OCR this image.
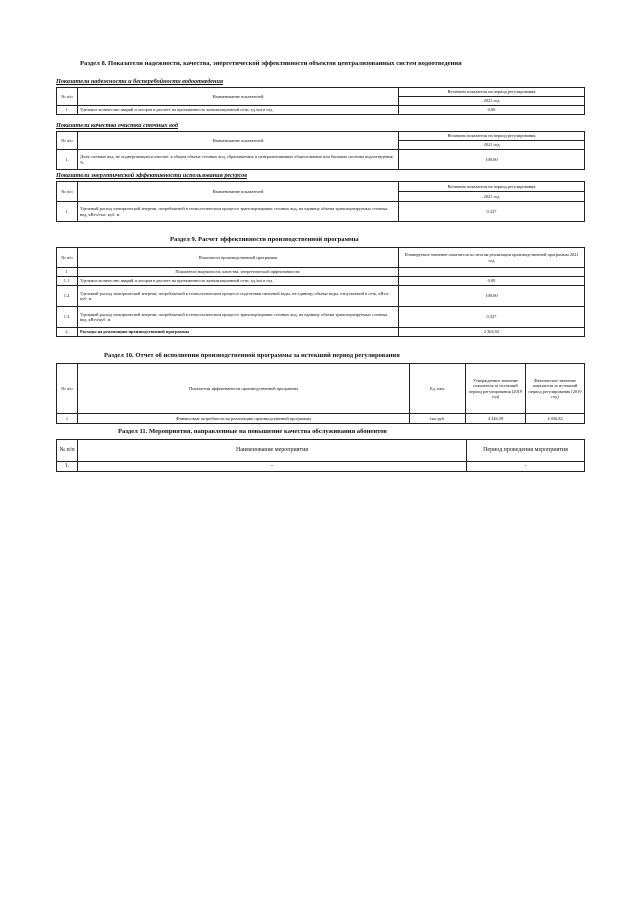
Раздел 8. Показатели надежности, качества, энергетической эффективности объектов централизованных систем водоотведения
Показатели надежности и бесперебойности водоотведения
№ п/п	Наименование показателей	Величина показателя на период регулирования
		2021 год
1.	Удельное количество аварий и засоров в расчете на протяженность канализационной сети, ед./км в год	0,00
Показатели качества очистки сточных вод
№ п/п	Наименование показателей	Величина показателя на период регулирования
		2021 год
1.	Доля сточных вод, не подвергающихся очистке, в общем объеме сточных вод, сбрасываемых в централизованные общесплавные или бытовые системы водоотведения, %	100,00
Показатели энергетической эффективности использования ресурсов
№ п/п	Наименование показателей	Величина показателя на период регулирования
		2021 год
1.	Удельный расход электрической энергии, потребляемой в технологическом процессе транспортировки сточных вод, на единицу объема транспортируемых сточных вод, кВтч/тыс. куб. м	0,327
Раздел 9. Расчет эффективности производственной программы
№ п/п	Показатели производственной программы	Планируемое значение показателя по итогам реализации производственной программы 2021 год
1.	Показатели надежности, качества, энергетической эффективности:	
1.1.	Удельное количество аварий и засоров в расчете на протяженность канализационной сети, ед./км в год	0,00
1.2.	Удельный расход электрической энергии, потребляемой в технологическом процессе подготовки питьевой воды, на единицу объема воды, отпускаемой в сеть, кВтч/куб. м	100,00
1.3.	Удельный расход электрической энергии, потребляемой в технологическом процессе транспортировки сточных вод, на единицу объема транспортируемых сточных вод, кВтч/куб. м	0,327
2.	Расходы на реализацию производственной программы	2 304,92
Раздел 10. Отчет об исполнении производственной программы за истекший период регулирования
№ п/п	Показатели эффективности производственной программы	Ед. изм.	Утвержденное значение показателя за истекший период регулирования (2019 год)	Фактическое значение показателя за истекший период регулирования (2019 год)
1	Финансовые потребности на реализацию производственной программы	тыс.руб.	4 346,59	4 036,82
Раздел 11. Мероприятия, направленные на повышение качества обслуживания абонентов
№ п/п	Наименование мероприятия	Период проведения мероприятия
1.	-	-
